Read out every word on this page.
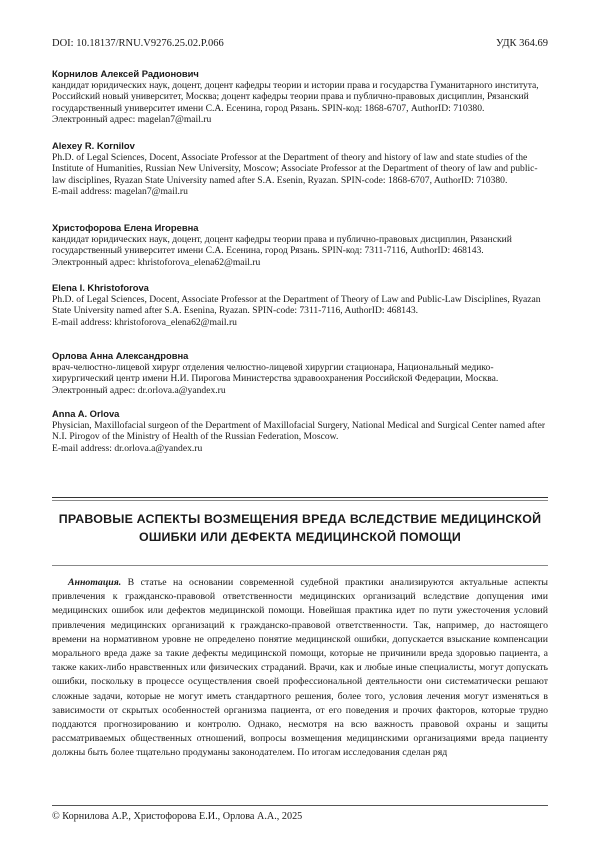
DOI: 10.18137/RNU.V9276.25.02.P.066	УДК 364.69
Корнилов Алексей Радионович
кандидат юридических наук, доцент, доцент кафедры теории и истории права и государства Гуманитарного института, Российский новый университет, Москва; доцент кафедры теории права и публично-правовых дисциплин, Рязанский государственный университет имени С.А. Есенина, город Рязань. SPIN-код: 1868-6707, AuthorID: 710380.
Электронный адрес: magelan7@mail.ru
Alexey R. Kornilov
Ph.D. of Legal Sciences, Docent, Associate Professor at the Department of theory and history of law and state studies of the Institute of Humanities, Russian New University, Moscow; Associate Professor at the Department of theory of law and public-law disciplines, Ryazan State University named after S.A. Esenin, Ryazan. SPIN-code: 1868-6707, AuthorID: 710380.
E-mail address: magelan7@mail.ru
Христофорова Елена Игоревна
кандидат юридических наук, доцент, доцент кафедры теории права и публично-правовых дисциплин, Рязанский государственный университет имени С.А. Есенина, город Рязань. SPIN-код: 7311-7116, AuthorID: 468143.
Электронный адрес: khristoforova_elena62@mail.ru
Elena I. Khristoforova
Ph.D. of Legal Sciences, Docent, Associate Professor at the Department of Theory of Law and Public-Law Disciplines, Ryazan State University named after S.A. Esenina, Ryazan. SPIN-code: 7311-7116, AuthorID: 468143.
E-mail address: khristoforova_elena62@mail.ru
Орлова Анна Александровна
врач-челюстно-лицевой хирург отделения челюстно-лицевой хирургии стационара, Национальный медико-хирургический центр имени Н.И. Пирогова Министерства здравоохранения Российской Федерации, Москва.
Электронный адрес: dr.orlova.a@yandex.ru
Anna A. Orlova
Physician, Maxillofacial surgeon of the Department of Maxillofacial Surgery, National Medical and Surgical Center named after N.I. Pirogov of the Ministry of Health of the Russian Federation, Moscow.
E-mail address: dr.orlova.a@yandex.ru
ПРАВОВЫЕ АСПЕКТЫ ВОЗМЕЩЕНИЯ ВРЕДА ВСЛЕДСТВИЕ МЕДИЦИНСКОЙ ОШИБКИ ИЛИ ДЕФЕКТА МЕДИЦИНСКОЙ ПОМОЩИ

Аннотация. В статье на основании современной судебной практики анализируются актуальные аспекты привлечения к гражданско-правовой ответственности медицинских организаций вследствие допущения ими медицинских ошибок или дефектов медицинской помощи. Новейшая практика идет по пути ужесточения условий привлечения медицинских организаций к гражданско-правовой ответственности. Так, например, до настоящего времени на нормативном уровне не определено понятие медицинской ошибки, допускается взыскание компенсации морального вреда даже за такие дефекты медицинской помощи, которые не причинили вреда здоровью пациента, а также каких-либо нравственных или физических страданий. Врачи, как и любые иные специалисты, могут допускать ошибки, поскольку в процессе осуществления своей профессиональной деятельности они систематически решают сложные задачи, которые не могут иметь стандартного решения, более того, условия лечения могут изменяться в зависимости от скрытых особенностей организма пациента, от его поведения и прочих факторов, которые трудно поддаются прогнозированию и контролю. Однако, несмотря на всю важность правовой охраны и защиты рассматриваемых общественных отношений, вопросы возмещения медицинскими организациями вреда пациенту должны быть более тщательно продуманы законодателем. По итогам исследования сделан ряд

© Корнилова А.Р., Христофорова Е.И., Орлова А.А., 2025
